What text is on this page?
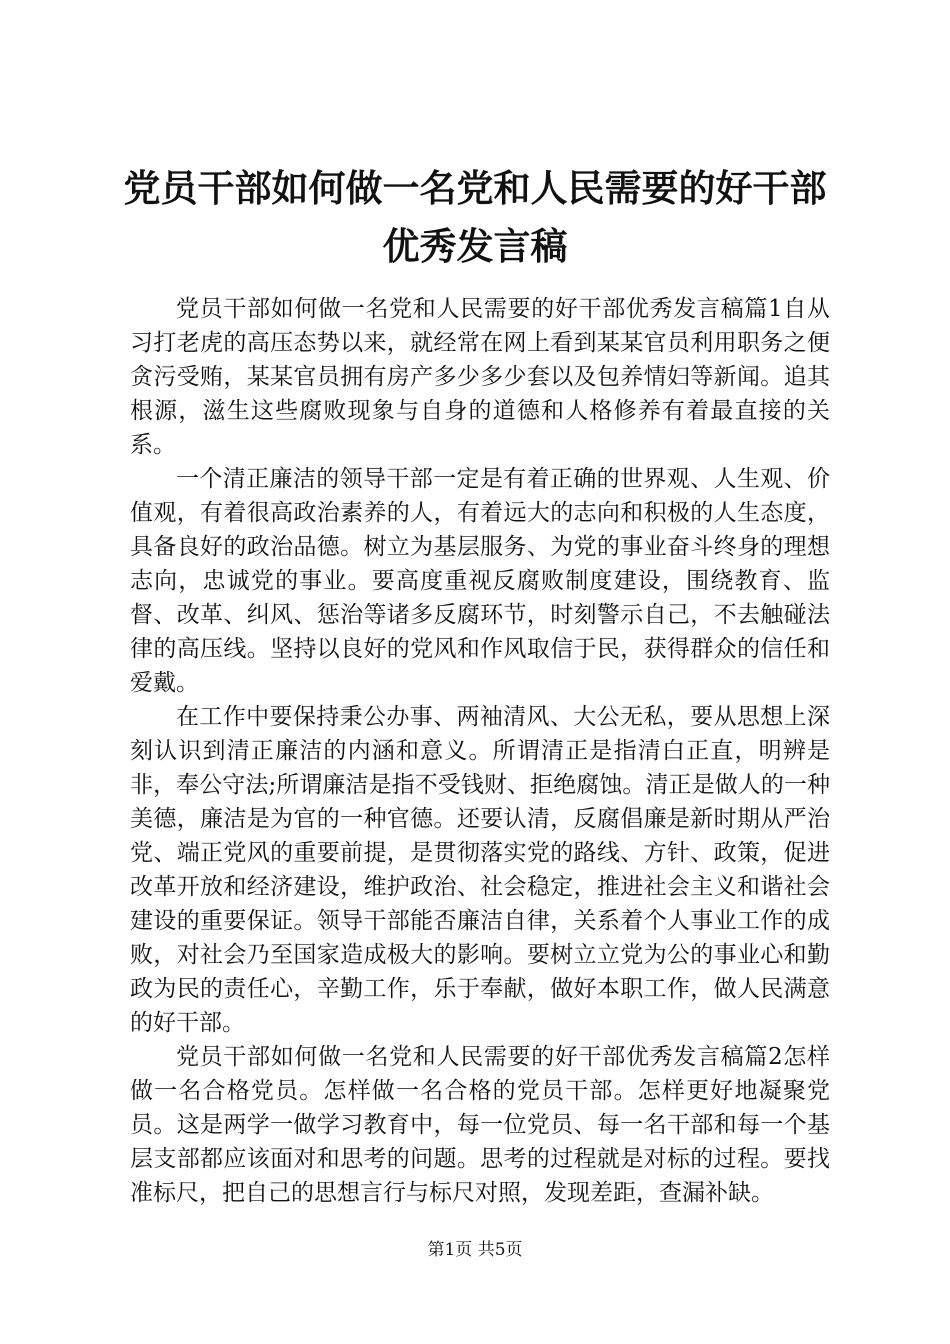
党员干部如何做一名党和人民需要的好干部优秀发言稿

党员干部如何做一名党和人民需要的好干部优秀发言稿篇1自从习打老虎的高压态势以来，就经常在网上看到某某官员利用职务之便贪污受贿，某某官员拥有房产多少多少套以及包养情妇等新闻。追其根源，滋生这些腐败现象与自身的道德和人格修养有着最直接的关系。

一个清正廉洁的领导干部一定是有着正确的世界观、人生观、价值观，有着很高政治素养的人，有着远大的志向和积极的人生态度，具备良好的政治品德。树立为基层服务、为党的事业奋斗终身的理想志向，忠诚党的事业。要高度重视反腐败制度建设，围绕教育、监督、改革、纠风、惩治等诸多反腐环节，时刻警示自己，不去触碰法律的高压线。坚持以良好的党风和作风取信于民，获得群众的信任和爱戴。

在工作中要保持秉公办事、两袖清风、大公无私，要从思想上深刻认识到清正廉洁的内涵和意义。所谓清正是指清白正直，明辨是非，奉公守法;所谓廉洁是指不受钱财、拒绝腐蚀。清正是做人的一种美德，廉洁是为官的一种官德。还要认清，反腐倡廉是新时期从严治党、端正党风的重要前提，是贯彻落实党的路线、方针、政策，促进改革开放和经济建设，维护政治、社会稳定，推进社会主义和谐社会建设的重要保证。领导干部能否廉洁自律，关系着个人事业工作的成败，对社会乃至国家造成极大的影响。要树立立党为公的事业心和勤政为民的责任心，辛勤工作，乐于奉献，做好本职工作，做人民满意的好干部。

党员干部如何做一名党和人民需要的好干部优秀发言稿篇2怎样做一名合格党员。怎样做一名合格的党员干部。怎样更好地凝聚党员。这是两学一做学习教育中，每一位党员、每一名干部和每一个基层支部都应该面对和思考的问题。思考的过程就是对标的过程。要找准标尺，把自己的思想言行与标尺对照，发现差距，查漏补缺。

第1页 共5页
